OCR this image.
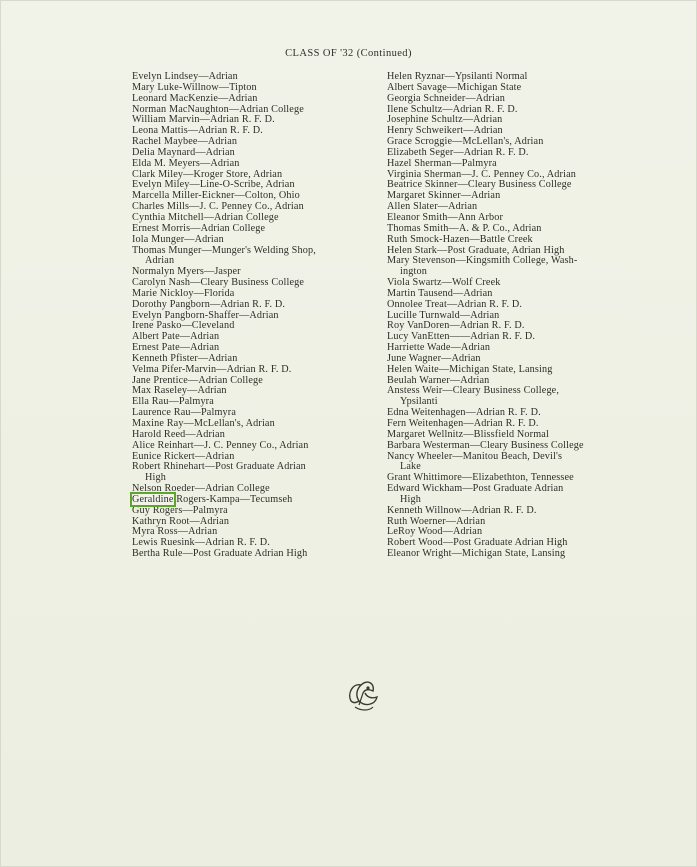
CLASS OF '32 (Continued)
Evelyn Lindsey—Adrian
Mary Luke-Willnow—Tipton
Leonard MacKenzie—Adrian
Norman MacNaughton—Adrian College
William Marvin—Adrian R. F. D.
Leona Mattis—Adrian R. F. D.
Rachel Maybee—Adrian
Delia Maynard—Adrian
Elda M. Meyers—Adrian
Clark Miley—Kroger Store, Adrian
Evelyn Miley—Line-O-Scribe, Adrian
Marcella Miller-Eickner—Colton, Ohio
Charles Mills—J. C. Penney Co., Adrian
Cynthia Mitchell—Adrian College
Ernest Morris—Adrian College
Iola Munger—Adrian
Thomas Munger—Munger's Welding Shop,
Adrian
Normalyn Myers—Jasper
Carolyn Nash—Cleary Business College
Marie Nickloy—Florida
Dorothy Pangborn—Adrian R. F. D.
Evelyn Pangborn-Shaffer—Adrian
Irene Pasko—Cleveland
Albert Pate—Adrian
Ernest Pate—Adrian
Kenneth Pfister—Adrian
Velma Pifer-Marvin—Adrian R. F. D.
Jane Prentice—Adrian College
Max Raseley—Adrian
Ella Rau—Palmyra
Laurence Rau—Palmyra
Maxine Ray—McLellan's, Adrian
Harold Reed—Adrian
Alice Reinhart—J. C. Penney Co., Adrian
Eunice Rickert—Adrian
Robert Rhinehart—Post Graduate Adrian
High
Nelson Roeder—Adrian College
Geraldine Rogers-Kampa—Tecumseh
Guy Rogers—Palmyra
Kathryn Root—Adrian
Myra Ross—Adrian
Lewis Ruesink—Adrian R. F. D.
Bertha Rule—Post Graduate Adrian High
Helen Ryznar—Ypsilanti Normal
Albert Savage—Michigan State
Georgia Schneider—Adrian
Ilene Schultz—Adrian R. F. D.
Josephine Schultz—Adrian
Henry Schweikert—Adrian
Grace Scroggie—McLellan's, Adrian
Elizabeth Seger—Adrian R. F. D.
Hazel Sherman—Palmyra
Virginia Sherman—J. C. Penney Co., Adrian
Beatrice Skinner—Cleary Business College
Margaret Skinner—Adrian
Allen Slater—Adrian
Eleanor Smith—Ann Arbor
Thomas Smith—A. & P. Co., Adrian
Ruth Smock-Hazen—Battle Creek
Helen Stark—Post Graduate, Adrian High
Mary Stevenson—Kingsmith College, Wash-
ington
Viola Swartz—Wolf Creek
Martin Tausend—Adrian
Onnolee Treat—Adrian R. F. D.
Lucille Turnwald—Adrian
Roy VanDoren—Adrian R. F. D.
Lucy VanEtten——Adrian R. F. D.
Harriette Wade—Adrian
June Wagner—Adrian
Helen Waite—Michigan State, Lansing
Beulah Warner—Adrian
Anstess Weir—Cleary Business College,
Ypsilanti
Edna Weitenhagen—Adrian R. F. D.
Fern Weitenhagen—Adrian R. F. D.
Margaret Wellnitz—Blissfield Normal
Barbara Westerman—Cleary Business College
Nancy Wheeler—Manitou Beach, Devil's
Lake
Grant Whittimore—Elizabethton, Tennessee
Edward Wickham—Post Graduate Adrian
High
Kenneth Willnow—Adrian R. F. D.
Ruth Woerner—Adrian
LeRoy Wood—Adrian
Robert Wood—Post Graduate Adrian High
Eleanor Wright—Michigan State, Lansing
